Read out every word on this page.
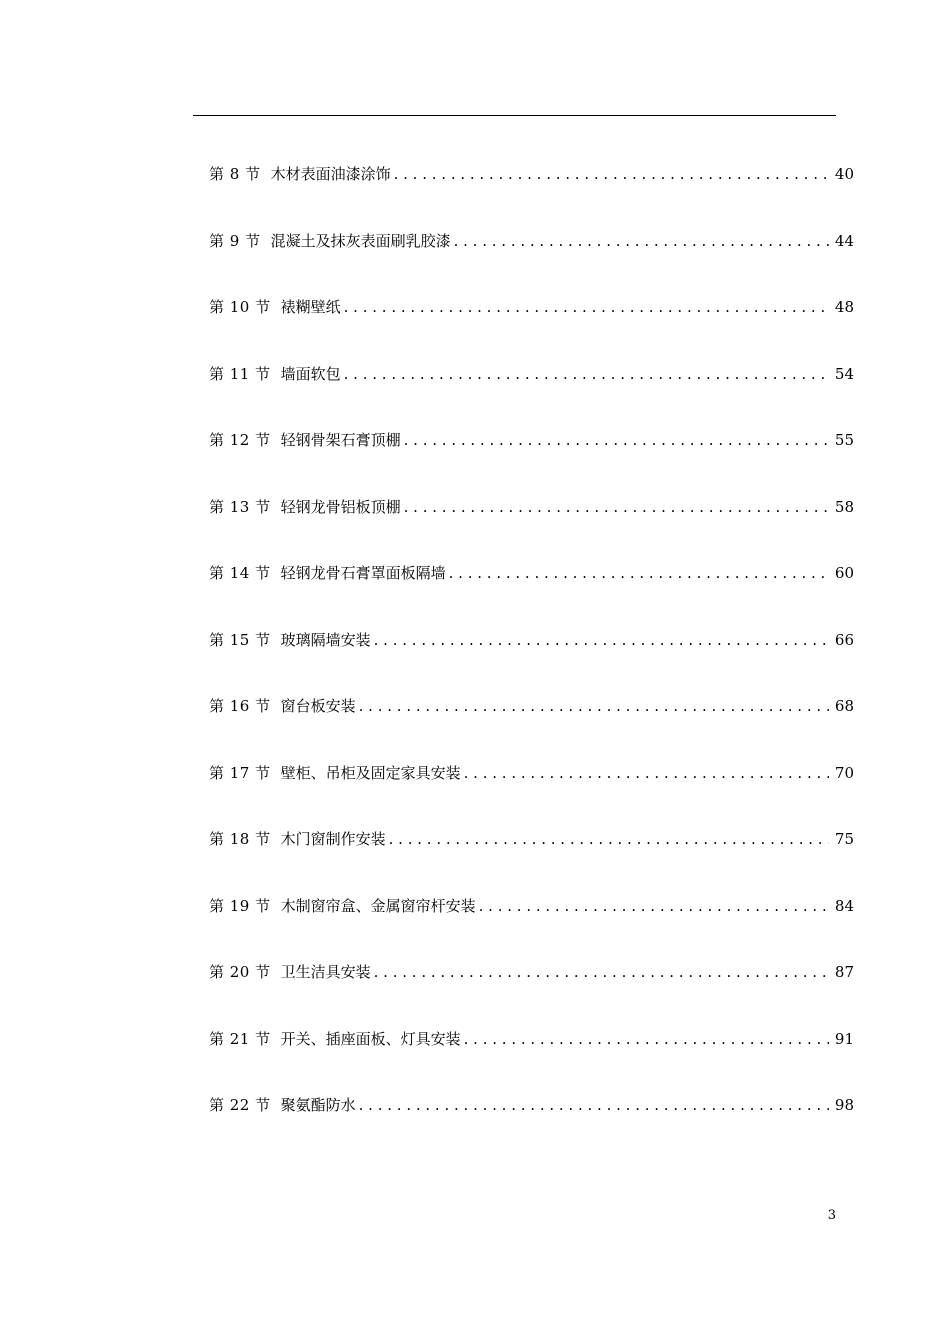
第 8 节 木材表面油漆涂饰 . . .	40
第 9 节 混凝土及抹灰表面刷乳胶漆 . . .	44
第 10 节 裱糊壁纸 . . .	48
第 11 节 墙面软包 . . .	54
第 12 节 轻钢骨架石膏顶棚 . . .	55
第 13 节 轻钢龙骨铝板顶棚 . . .	58
第 14 节 轻钢龙骨石膏罩面板隔墙 . . .	60
第 15 节 玻璃隔墙安装 . . .	66
第 16 节 窗台板安装 . . .	68
第 17 节 壁柜、吊柜及固定家具安装 . . .	70
第 18 节 木门窗制作安装 . . .	75
第 19 节 木制窗帘盒、金属窗帘杆安装 . . .	84
第 20 节 卫生洁具安装 . . .	87
第 21 节 开关、插座面板、灯具安装 . . .	91
第 22 节 聚氨酯防水 . . .	98
3
